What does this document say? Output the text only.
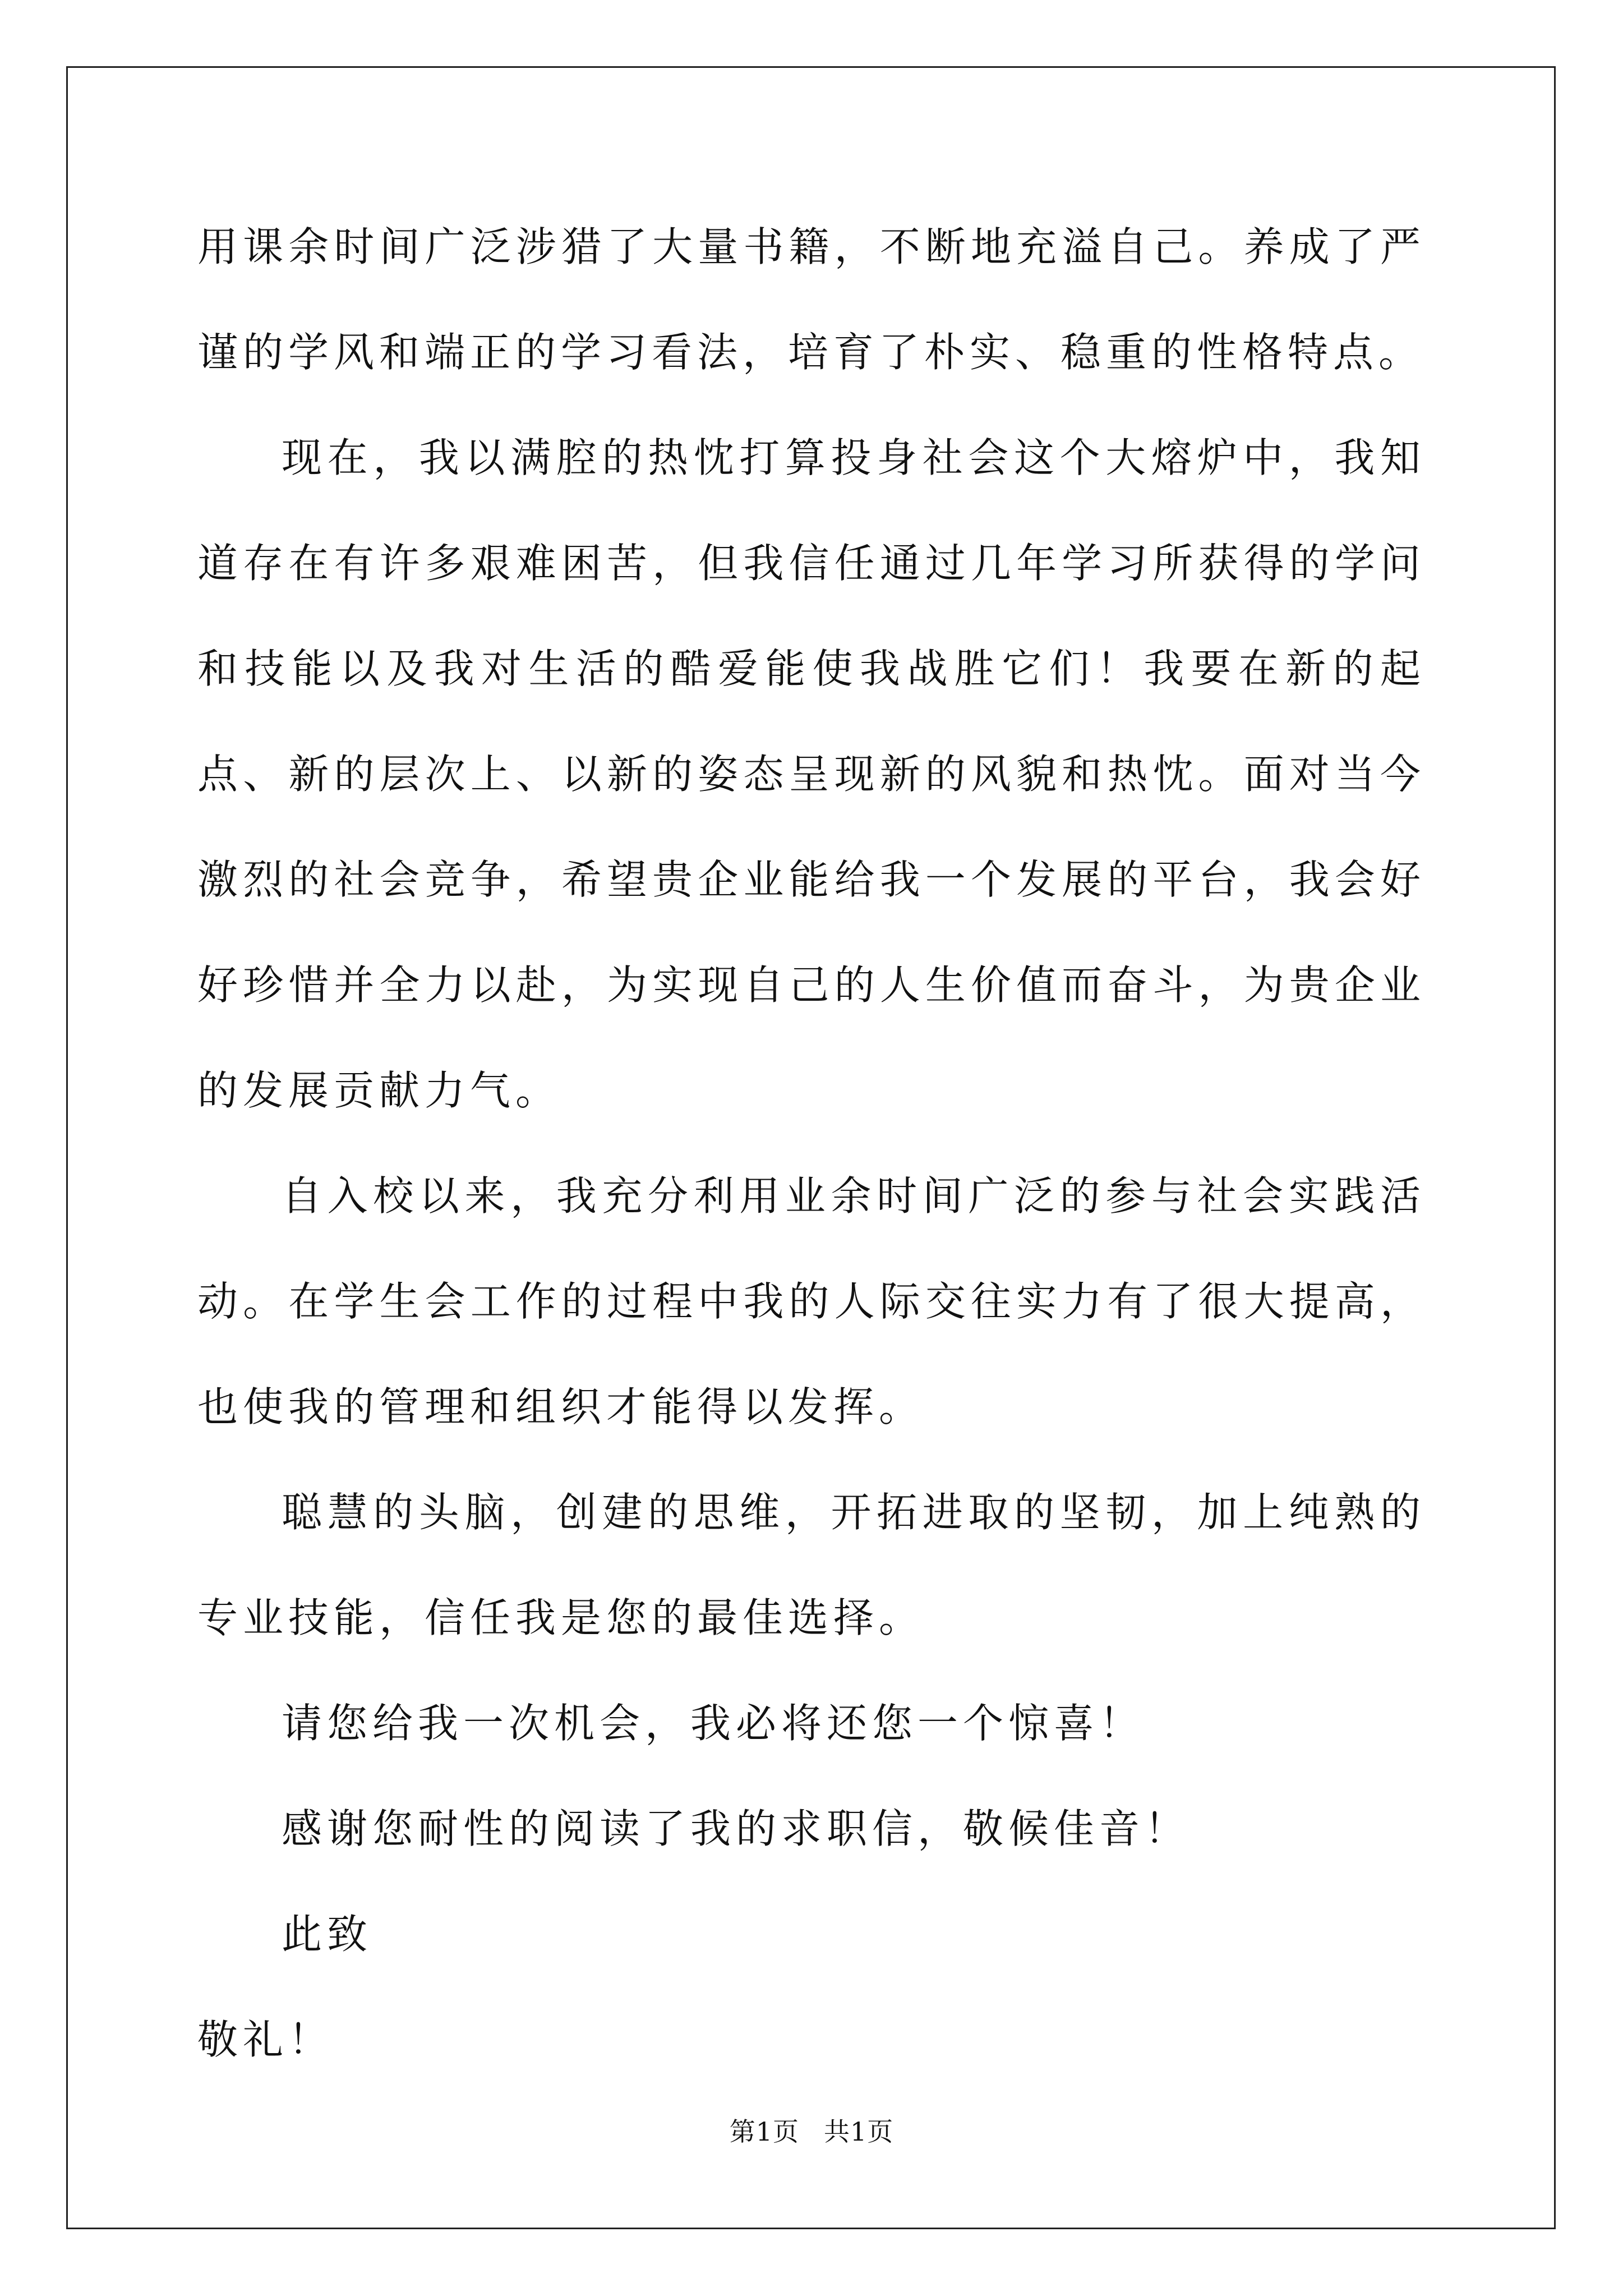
用课余时间广泛涉猎了大量书籍，不断地充溢自己。养成了严谨的学风和端正的学习看法，培育了朴实、稳重的性格特点。

现在，我以满腔的热忱打算投身社会这个大熔炉中，我知道存在有许多艰难困苦，但我信任通过几年学习所获得的学问和技能以及我对生活的酷爱能使我战胜它们！我要在新的起点、新的层次上、以新的姿态呈现新的风貌和热忱。面对当今激烈的社会竞争，希望贵企业能给我一个发展的平台，我会好好珍惜并全力以赴，为实现自己的人生价值而奋斗，为贵企业的发展贡献力气。

自入校以来，我充分利用业余时间广泛的参与社会实践活动。在学生会工作的过程中我的人际交往实力有了很大提高，也使我的管理和组织才能得以发挥。

聪慧的头脑，创建的思维，开拓进取的坚韧，加上纯熟的专业技能，信任我是您的最佳选择。

请您给我一次机会，我必将还您一个惊喜！

感谢您耐性的阅读了我的求职信，敬候佳音！

此致

敬礼！

第1页 共1页
